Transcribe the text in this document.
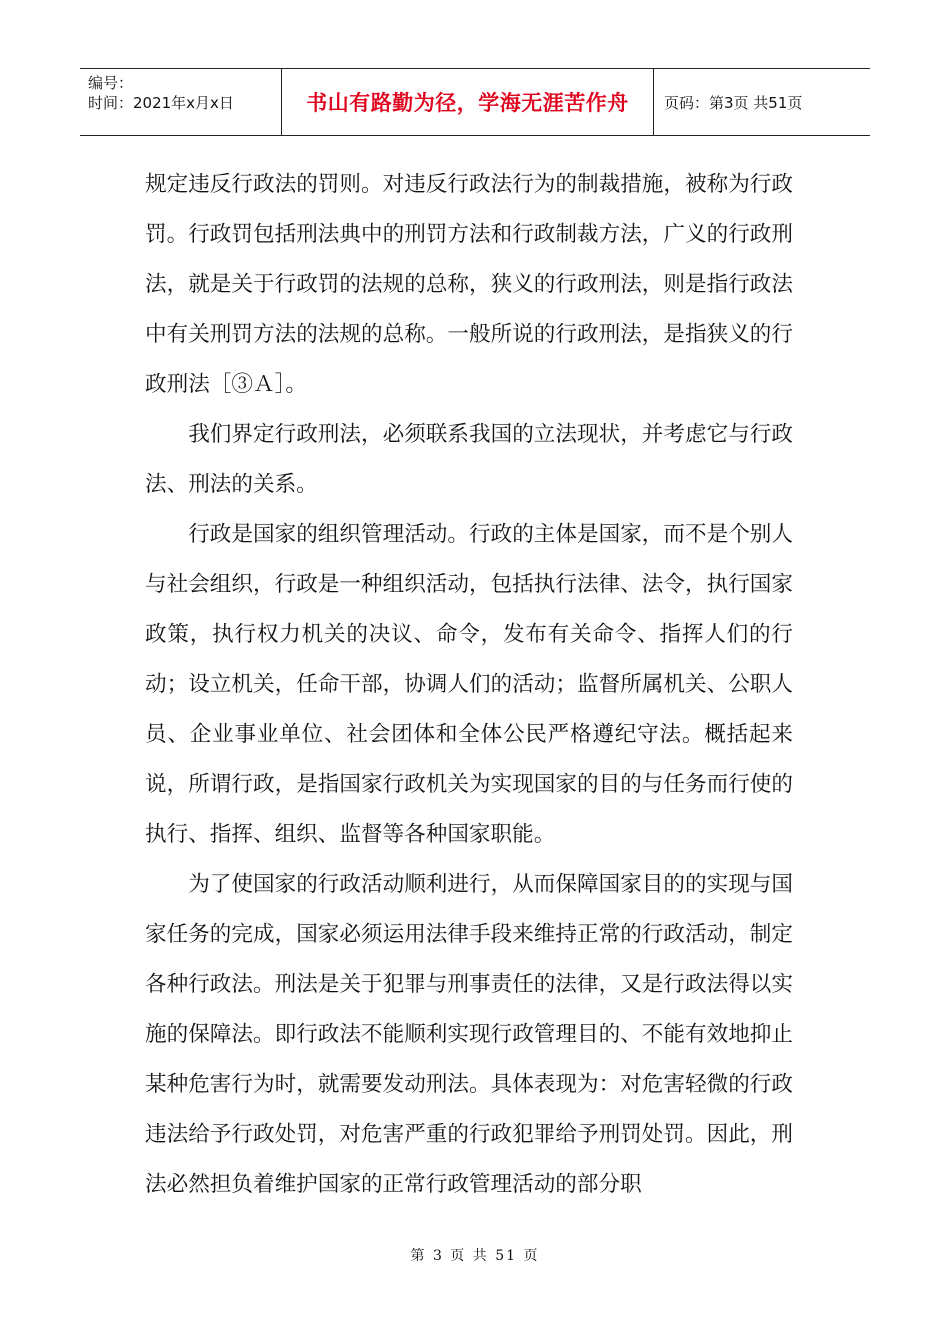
编号：
时间：2021年x月x日	书山有路勤为径，学海无涯苦作舟	页码：第3页 共51页

规定违反行政法的罚则。对违反行政法行为的制裁措施，被称为行政罚。行政罚包括刑法典中的刑罚方法和行政制裁方法，广义的行政刑法，就是关于行政罚的法规的总称，狭义的行政刑法，则是指行政法中有关刑罚方法的法规的总称。一般所说的行政刑法，是指狭义的行政刑法［③Ａ］。

我们界定行政刑法，必须联系我国的立法现状，并考虑它与行政法、刑法的关系。

行政是国家的组织管理活动。行政的主体是国家，而不是个别人与社会组织，行政是一种组织活动，包括执行法律、法令，执行国家政策，执行权力机关的决议、命令，发布有关命令、指挥人们的行动；设立机关，任命干部，协调人们的活动；监督所属机关、公职人员、企业事业单位、社会团体和全体公民严格遵纪守法。概括起来说，所谓行政，是指国家行政机关为实现国家的目的与任务而行使的执行、指挥、组织、监督等各种国家职能。

为了使国家的行政活动顺利进行，从而保障国家目的的实现与国家任务的完成，国家必须运用法律手段来维持正常的行政活动，制定各种行政法。刑法是关于犯罪与刑事责任的法律，又是行政法得以实施的保障法。即行政法不能顺利实现行政管理目的、不能有效地抑止某种危害行为时，就需要发动刑法。具体表现为：对危害轻微的行政违法给予行政处罚，对危害严重的行政犯罪给予刑罚处罚。因此，刑法必然担负着维护国家的正常行政管理活动的部分职

第 3 页 共 51 页
